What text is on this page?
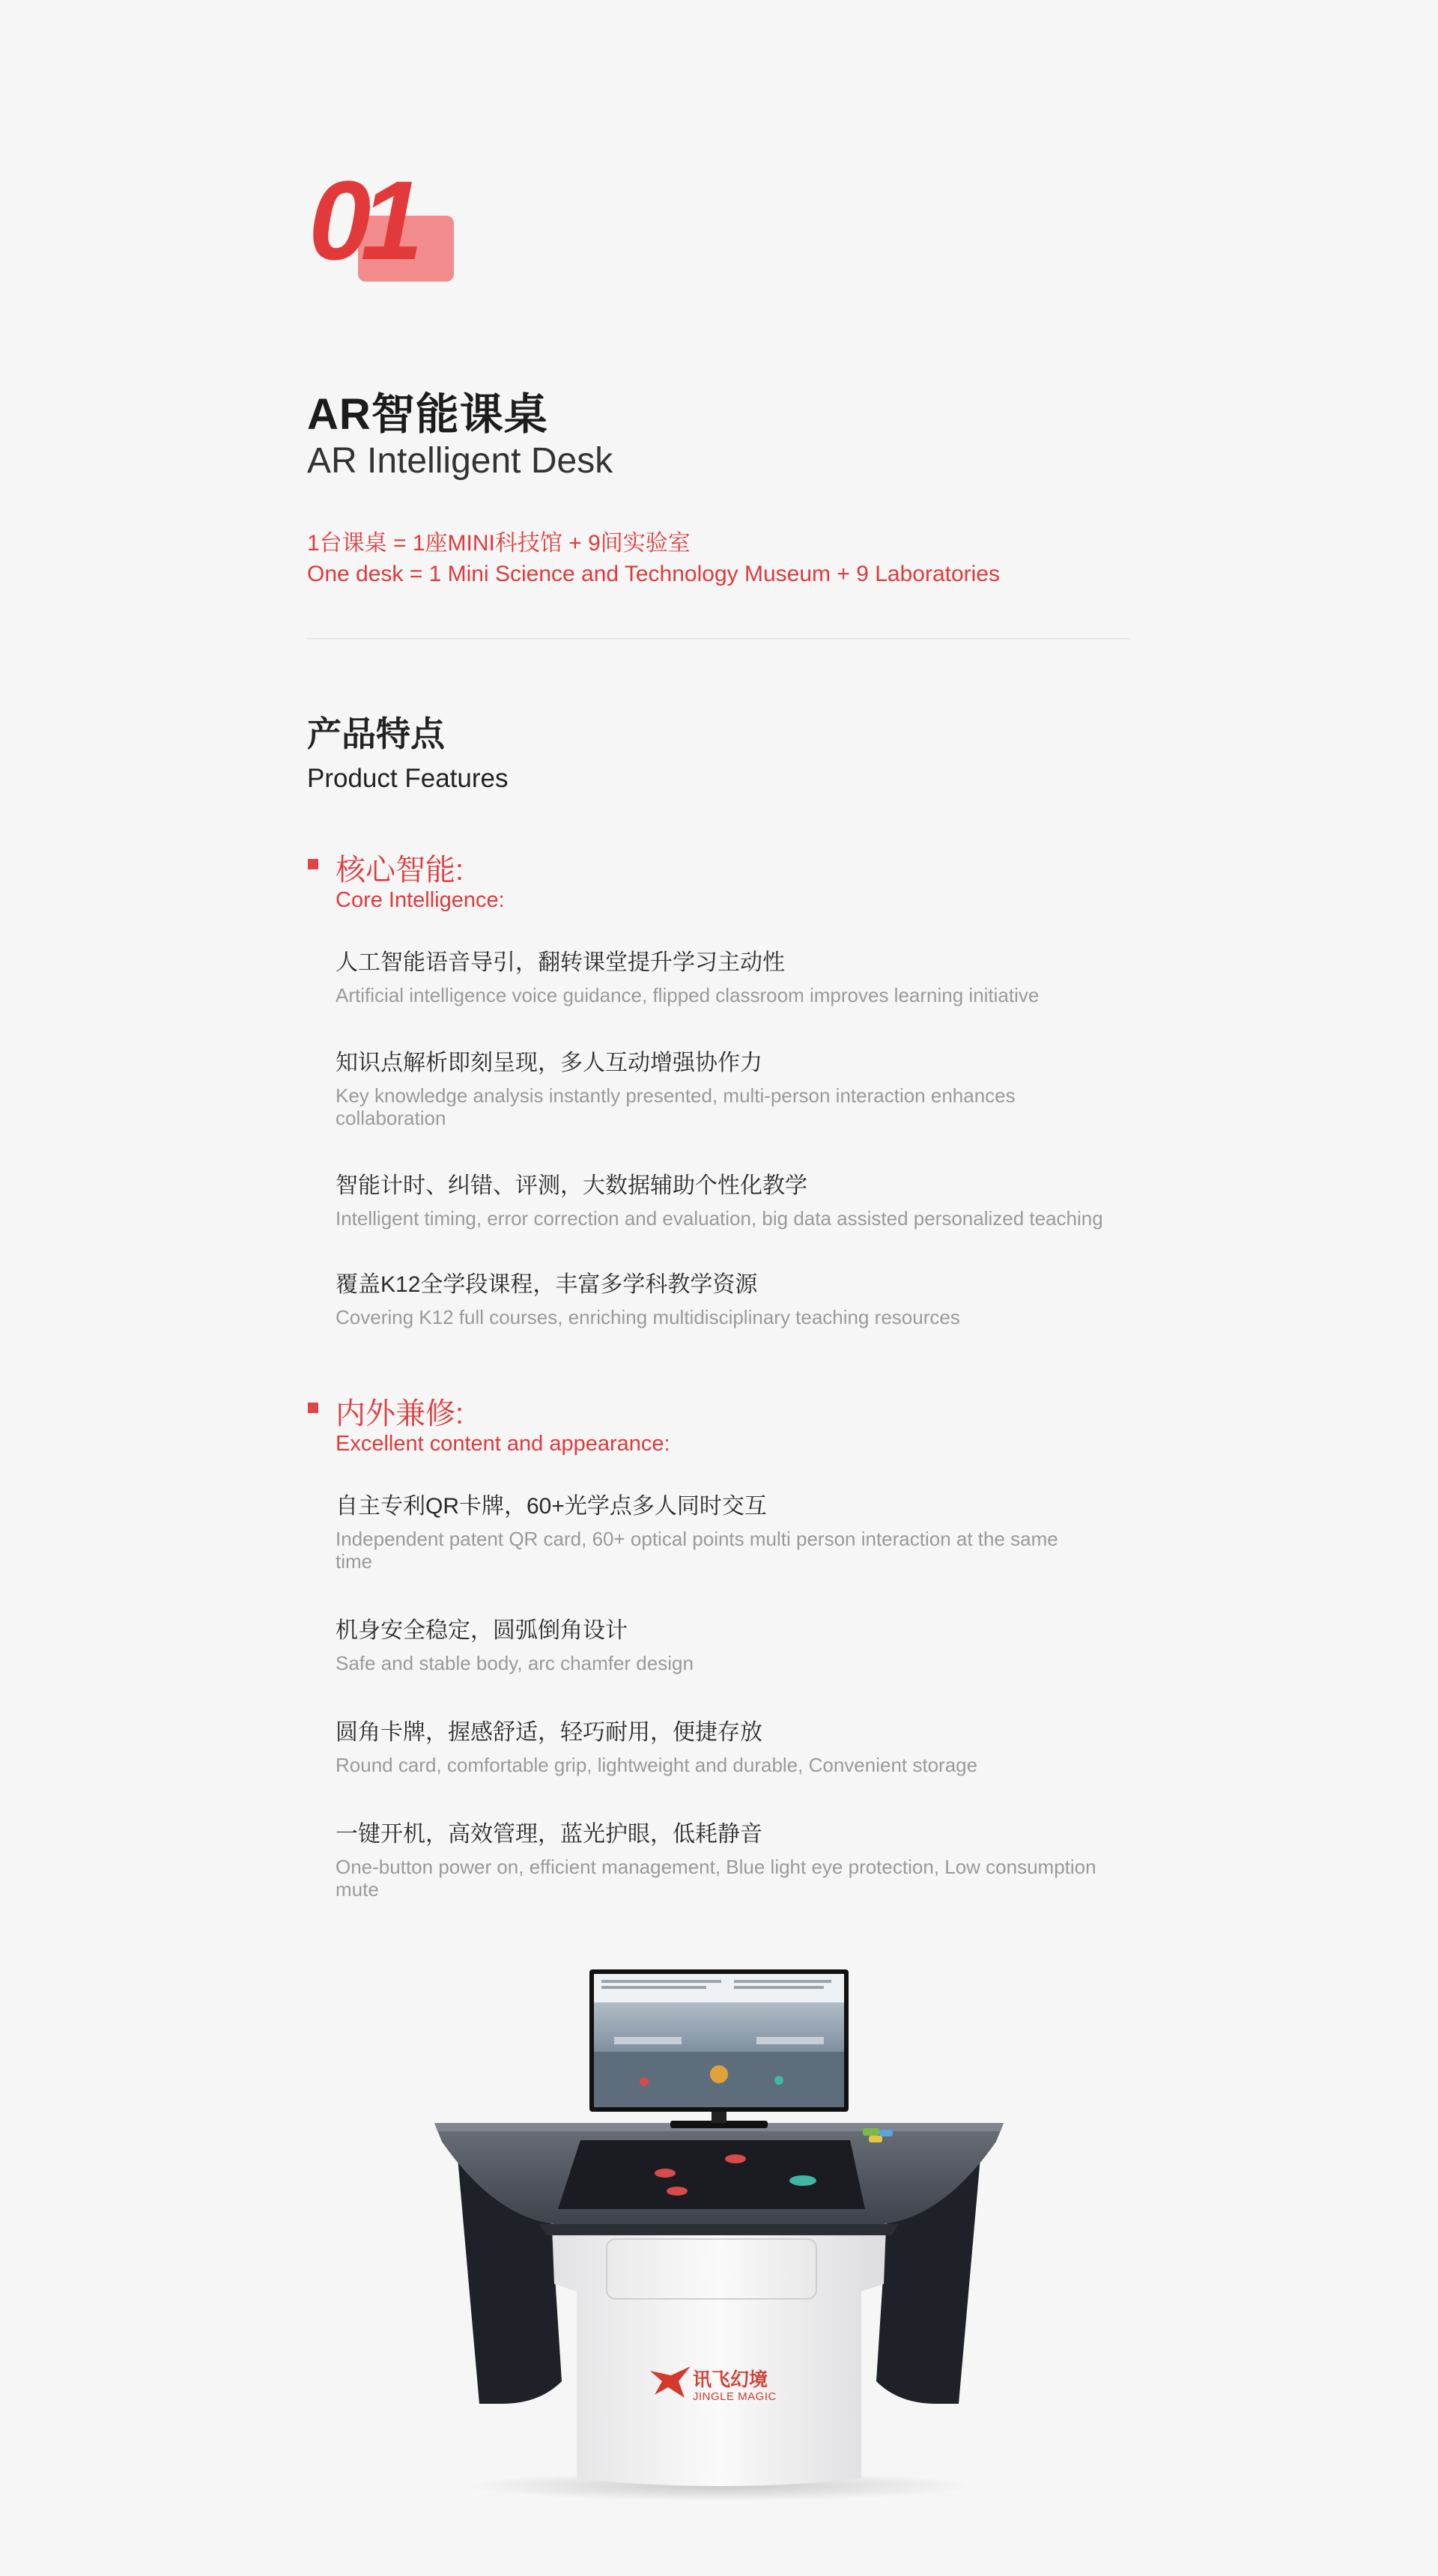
01
AR智能课桌
AR Intelligent Desk
1台课桌 = 1座MINI科技馆 + 9间实验室
One desk = 1 Mini Science and Technology Museum + 9 Laboratories
产品特点
Product Features
核心智能:
Core Intelligence:
人工智能语音导引，翻转课堂提升学习主动性
Artificial intelligence voice guidance, flipped classroom improves learning initiative
知识点解析即刻呈现，多人互动增强协作力
Key knowledge analysis instantly presented, multi-person interaction enhances collaboration
智能计时、纠错、评测，大数据辅助个性化教学
Intelligent timing, error correction and evaluation, big data assisted personalized teaching
覆盖K12全学段课程，丰富多学科教学资源
Covering K12 full courses, enriching multidisciplinary teaching resources
内外兼修:
Excellent content and appearance:
自主专利QR卡牌，60+光学点多人同时交互
Independent patent QR card, 60+ optical points multi person interaction at the same time
机身安全稳定，圆弧倒角设计
Safe and stable body, arc chamfer design
圆角卡牌，握感舒适，轻巧耐用，便捷存放
Round card, comfortable grip, lightweight and durable, Convenient storage
一键开机，高效管理，蓝光护眼，低耗静音
One-button power on, efficient management, Blue light eye protection, Low consumption mute
讯飞幻境
JINGLE MAGIC
